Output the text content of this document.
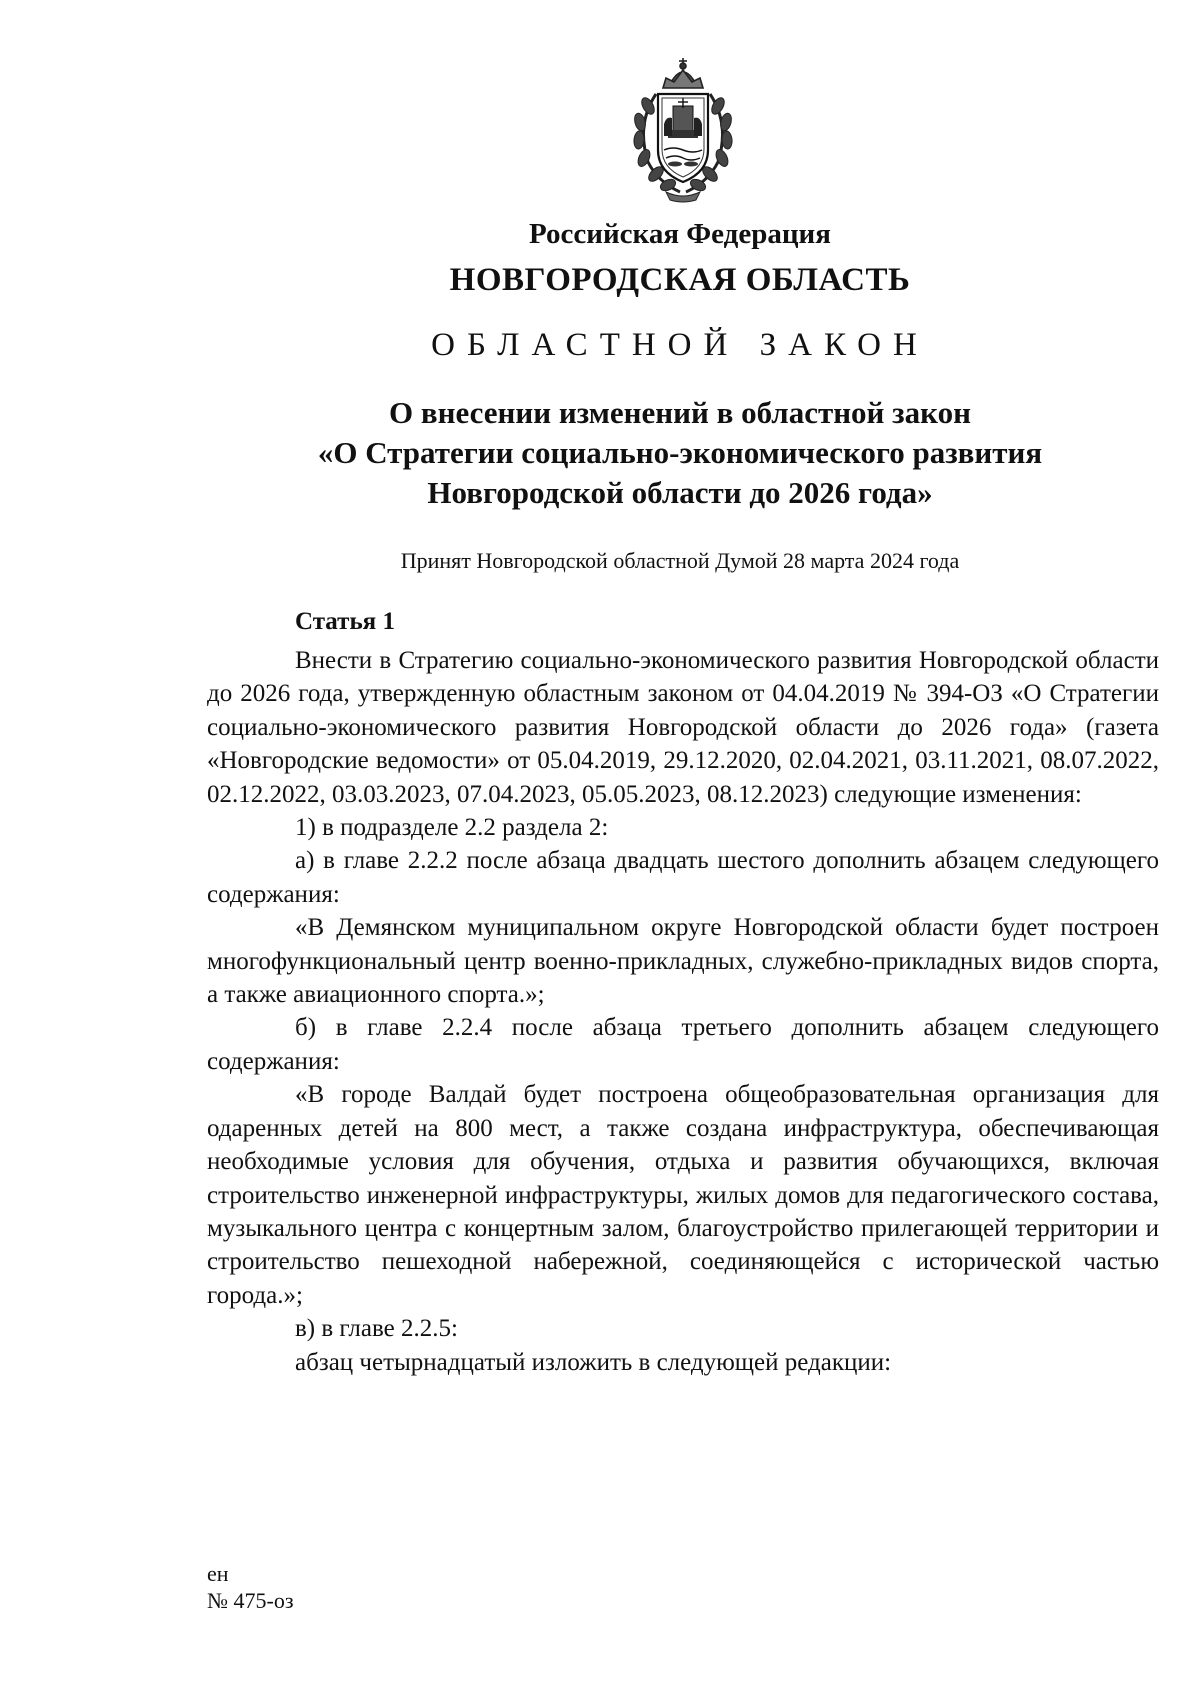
Российская Федерация
НОВГОРОДСКАЯ ОБЛАСТЬ
ОБЛАСТНОЙ ЗАКОН
О внесении изменений в областной закон
«О Стратегии социально-экономического развития
Новгородской области до 2026 года»
Принят Новгородской областной Думой 28 марта 2024 года
Статья 1

Внести в Стратегию социально-экономического развития Новгородской области до 2026 года, утвержденную областным законом от 04.04.2019 № 394-ОЗ «О Стратегии социально-экономического развития Новгородской области до 2026 года» (газета «Новгородские ведомости» от 05.04.2019, 29.12.2020, 02.04.2021, 03.11.2021, 08.07.2022, 02.12.2022, 03.03.2023, 07.04.2023, 05.05.2023, 08.12.2023) следующие изменения:

1) в подразделе 2.2 раздела 2:

а) в главе 2.2.2 после абзаца двадцать шестого дополнить абзацем следующего содержания:

«В Демянском муниципальном округе Новгородской области будет построен многофункциональный центр военно-прикладных, служебно-прикладных видов спорта, а также авиационного спорта.»;

б) в главе 2.2.4 после абзаца третьего дополнить абзацем следующего содержания:

«В городе Валдай будет построена общеобразовательная организация для одаренных детей на 800 мест, а также создана инфраструктура, обеспечивающая необходимые условия для обучения, отдыха и развития обучающихся, включая строительство инженерной инфраструктуры, жилых домов для педагогического состава, музыкального центра с концертным залом, благоустройство прилегающей территории и строительство пешеходной набережной, соединяющейся с исторической частью города.»;

в) в главе 2.2.5:

абзац четырнадцатый изложить в следующей редакции:

ен
№ 475-оз
